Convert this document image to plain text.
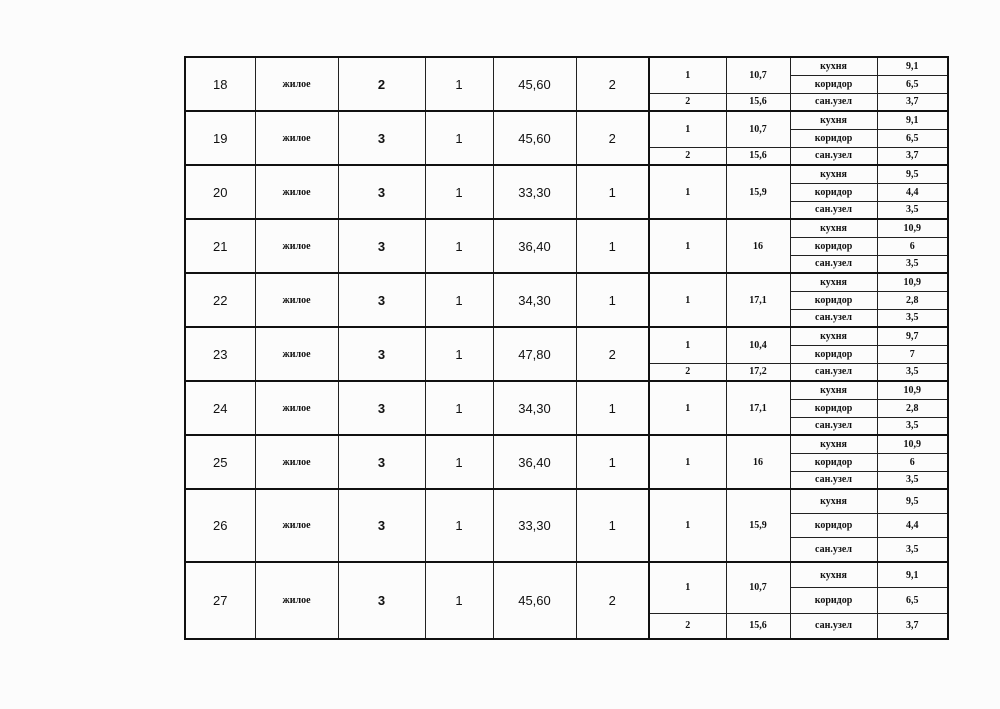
18	жилое	2	1	45,60	2	1	10,7	кухня	9,1
								коридор	6,5
						2	15,6	сан.узел	3,7
19	жилое	3	1	45,60	2	1	10,7	кухня	9,1
								коридор	6,5
						2	15,6	сан.узел	3,7
20	жилое	3	1	33,30	1	1	15,9	кухня	9,5
								коридор	4,4
								сан.узел	3,5
21	жилое	3	1	36,40	1	1	16	кухня	10,9
								коридор	6
								сан.узел	3,5
22	жилое	3	1	34,30	1	1	17,1	кухня	10,9
								коридор	2,8
								сан.узел	3,5
23	жилое	3	1	47,80	2	1	10,4	кухня	9,7
								коридор	7
						2	17,2	сан.узел	3,5
24	жилое	3	1	34,30	1	1	17,1	кухня	10,9
								коридор	2,8
								сан.узел	3,5
25	жилое	3	1	36,40	1	1	16	кухня	10,9
								коридор	6
								сан.узел	3,5
26	жилое	3	1	33,30	1	1	15,9	кухня	9,5
								коридор	4,4
								сан.узел	3,5
27	жилое	3	1	45,60	2	1	10,7	кухня	9,1
								коридор	6,5
						2	15,6	сан.узел	3,7
